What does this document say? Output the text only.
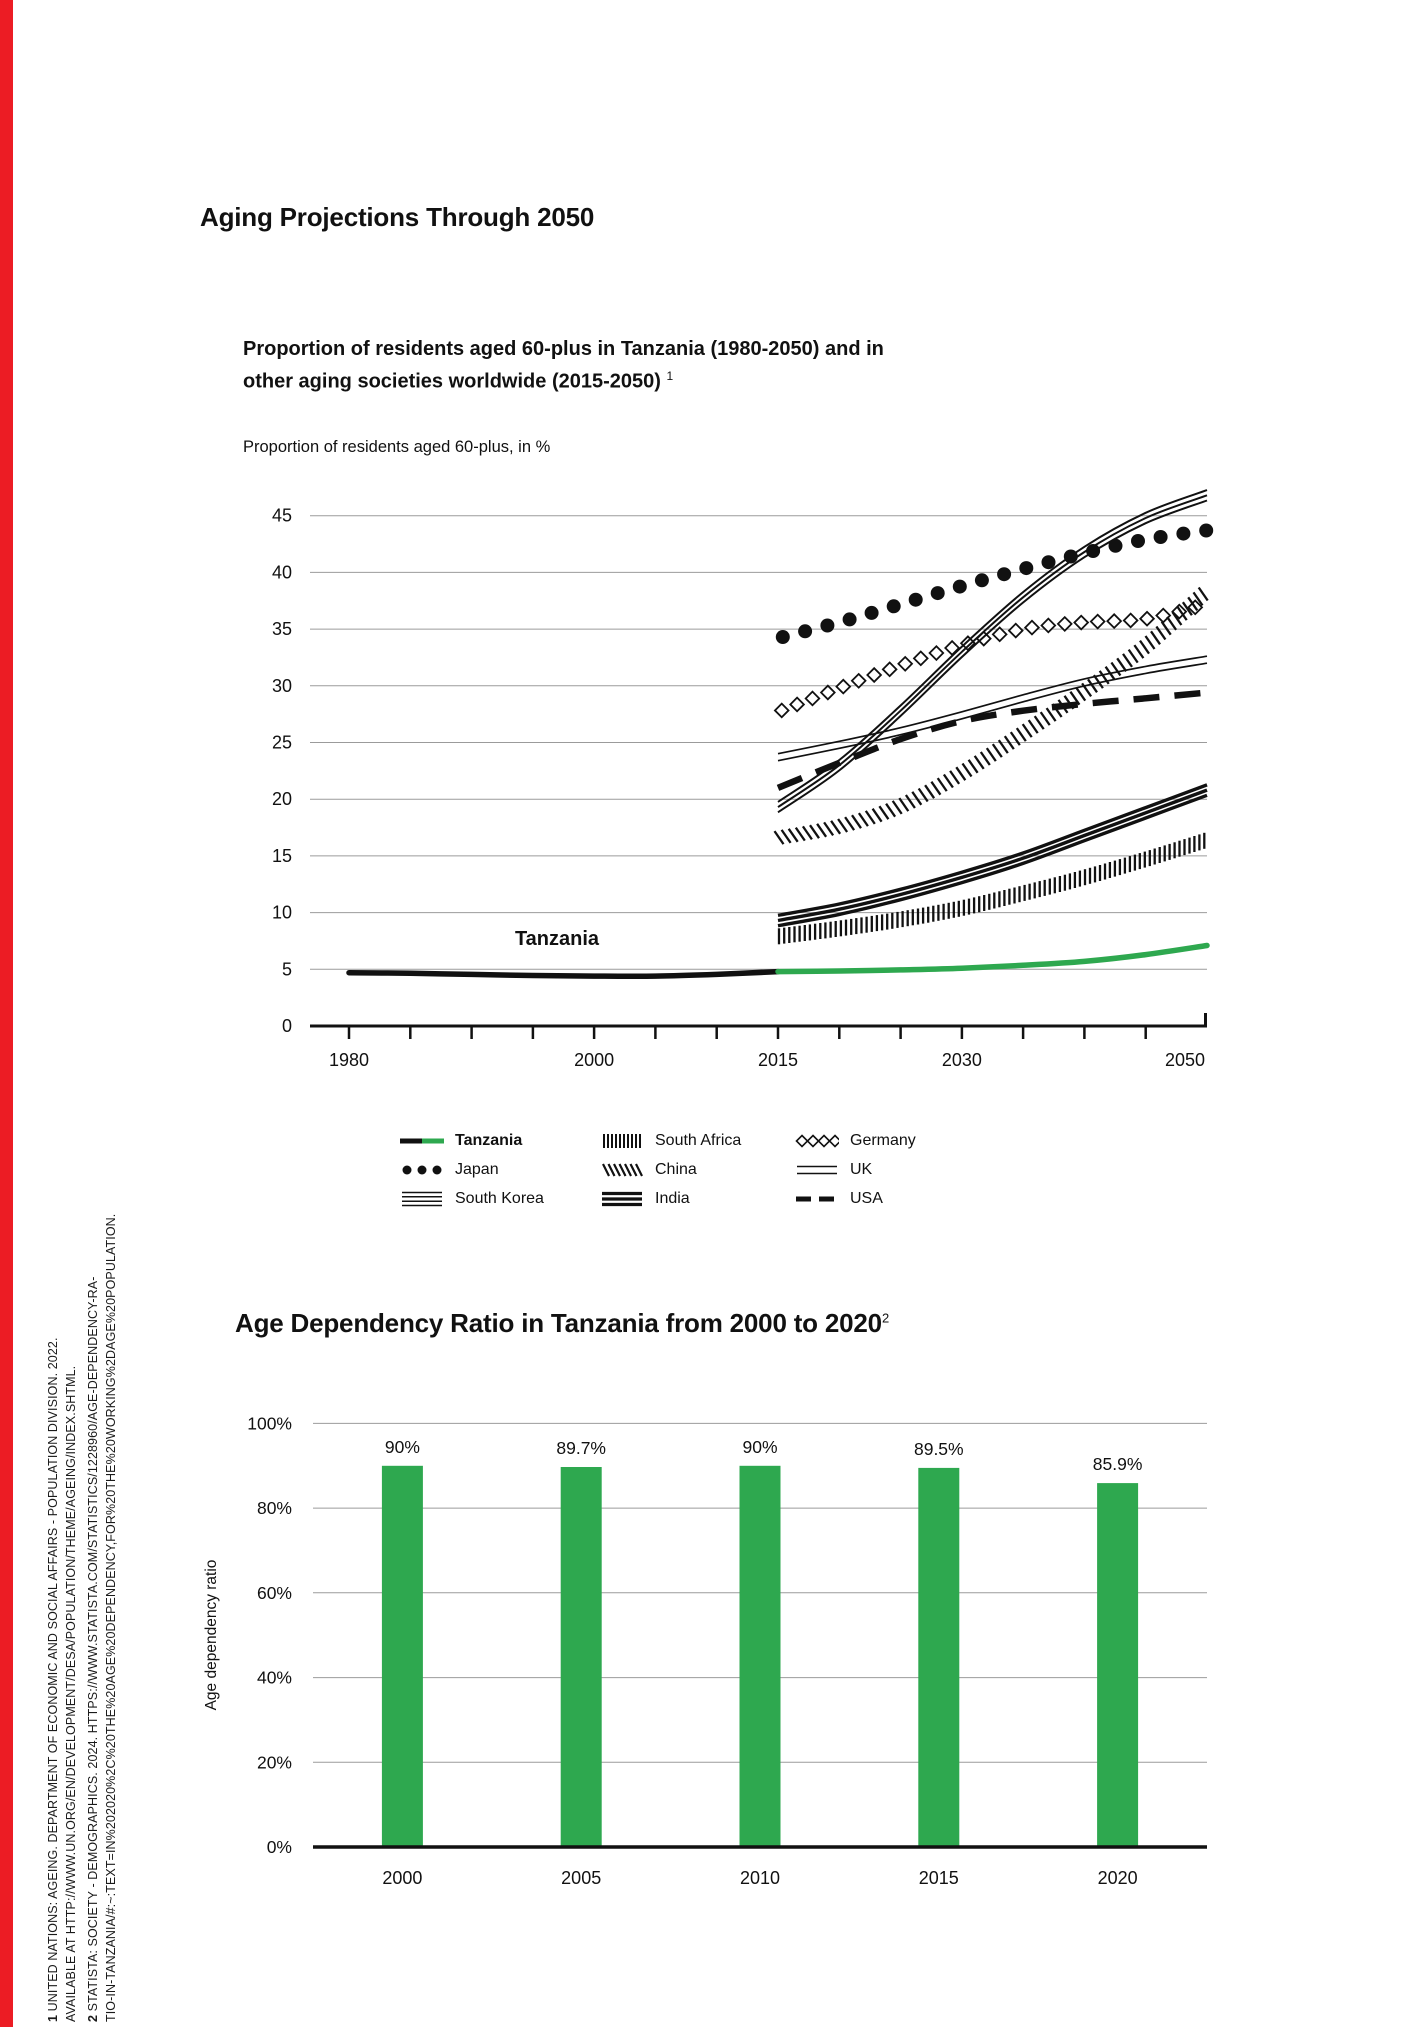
Aging Projections Through 2050
Proportion of residents aged 60-plus in Tanzania (1980-2050) and in
other aging societies worldwide (2015-2050) $^1$
Proportion of residents aged 60-plus, in %
0
5
10
15
20
25
30
35
40
45
1980	2000	2015	2030	2050
Tanzania
Tanzania
Japan
South Korea
South Africa
China
India
Germany
UK
USA
Age Dependency Ratio in Tanzania from 2000 to 2020$^2$
0%
20%
40%
60%
80%
100%
Age dependency ratio
90%	89.7%	90%	89.5%
85.9%
2000	2005	2010	2015	2020
1 UNITED NATIONS: AGEING. DEPARTMENT OF ECONOMIC AND SOCIAL AFFAIRS - POPULATION DIVISION. 2022. AVAILABLE AT HTTP://WWW.UN.ORG/EN/DEVELOPMENT/DESA/POPULATION/THEME/AGEING/INDEX.SHTML. 2 STATISTA: SOCIETY - DEMOGRAPHICS. 2024. HTTPS://WWW.STATISTA.COM/STATISTICS/1228960/AGE-DEPENDENCY-RA- TIO-IN-TANZANIA/#:~:TEXT=IN%202020%2C%20THE%20AGE%20DEPENDENCY,FOR%20THE%20WORKING%2DAGE%20POPULATION.
